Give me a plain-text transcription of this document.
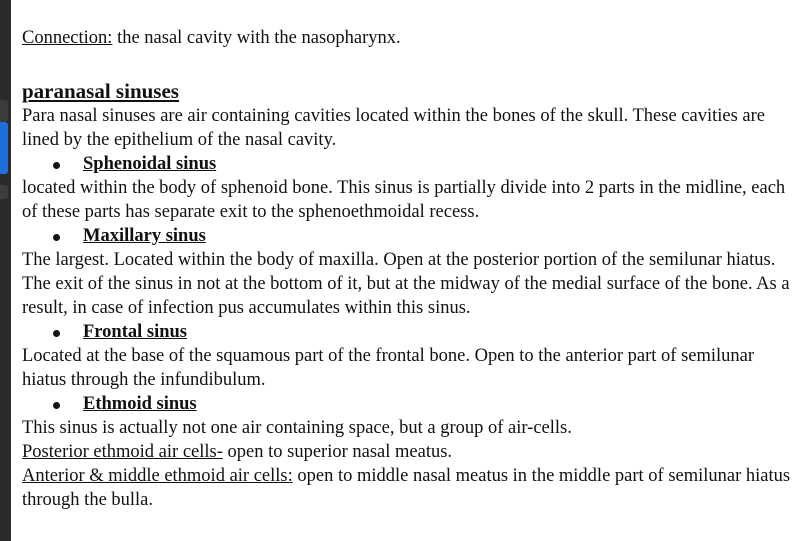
Connection: the nasal cavity with the nasopharynx.

paranasal sinuses

Para nasal sinuses are air containing cavities located within the bones of the skull. These cavities are lined by the epithelium of the nasal cavity.

Sphenoidal sinus

located within the body of sphenoid bone. This sinus is partially divide into 2 parts in the midline, each of these parts has separate exit to the sphenoethmoidal recess.

Maxillary sinus

The largest. Located within the body of maxilla. Open at the posterior portion of the semilunar hiatus. The exit of the sinus in not at the bottom of it, but at the midway of the medial surface of the bone. As a result, in case of infection pus accumulates within this sinus.

Frontal sinus

Located at the base of the squamous part of the frontal bone. Open to the anterior part of semilunar hiatus through the infundibulum.

Ethmoid sinus

This sinus is actually not one air containing space, but a group of air-cells.

Posterior ethmoid air cells- open to superior nasal meatus.

Anterior & middle ethmoid air cells: open to middle nasal meatus in the middle part of semilunar hiatus through the bulla.
